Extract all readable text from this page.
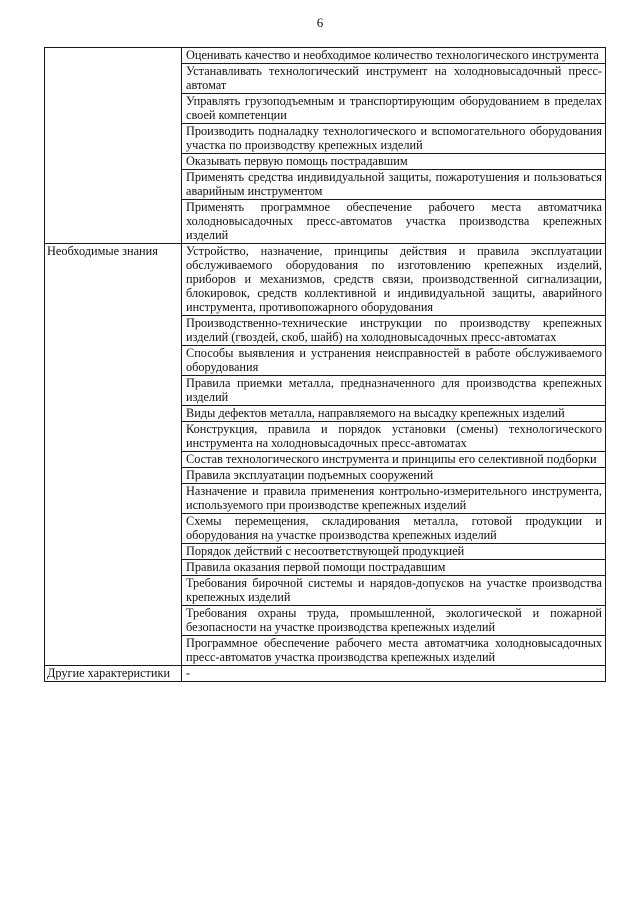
6
	Оценивать качество и необходимое количество технологического инструмента
	Устанавливать технологический инструмент на холодновысадочный пресс-автомат
	Управлять грузоподъемным и транспортирующим оборудованием в пределах своей компетенции
	Производить подналадку технологического и вспомогательного оборудования участка по производству крепежных изделий
	Оказывать первую помощь пострадавшим
	Применять средства индивидуальной защиты, пожаротушения и пользоваться аварийным инструментом
	Применять программное обеспечение рабочего места автоматчика холодновысадочных пресс-автоматов участка производства крепежных изделий
Необходимые знания	Устройство, назначение, принципы действия и правила эксплуатации обслуживаемого оборудования по изготовлению крепежных изделий, приборов и механизмов, средств связи, производственной сигнализации, блокировок, средств коллективной и индивидуальной защиты, аварийного инструмента, противопожарного оборудования
	Производственно-технические инструкции по производству крепежных изделий (гвоздей, скоб, шайб) на холодновысадочных пресс-автоматах
	Способы выявления и устранения неисправностей в работе обслуживаемого оборудования
	Правила приемки металла, предназначенного для производства крепежных изделий
	Виды дефектов металла, направляемого на высадку крепежных изделий
	Конструкция, правила и порядок установки (смены) технологического инструмента на холодновысадочных пресс-автоматах
	Состав технологического инструмента и принципы его селективной подборки
	Правила эксплуатации подъемных сооружений
	Назначение и правила применения контрольно-измерительного инструмента, используемого при производстве крепежных изделий
	Схемы перемещения, складирования металла, готовой продукции и оборудования на участке производства крепежных изделий
	Порядок действий с несоответствующей продукцией
	Правила оказания первой помощи пострадавшим
	Требования бирочной системы и нарядов-допусков на участке производства крепежных изделий
	Требования охраны труда, промышленной, экологической и пожарной безопасности на участке производства крепежных изделий
	Программное обеспечение рабочего места автоматчика холодновысадочных пресс-автоматов участка производства крепежных изделий
Другие характеристики	-
